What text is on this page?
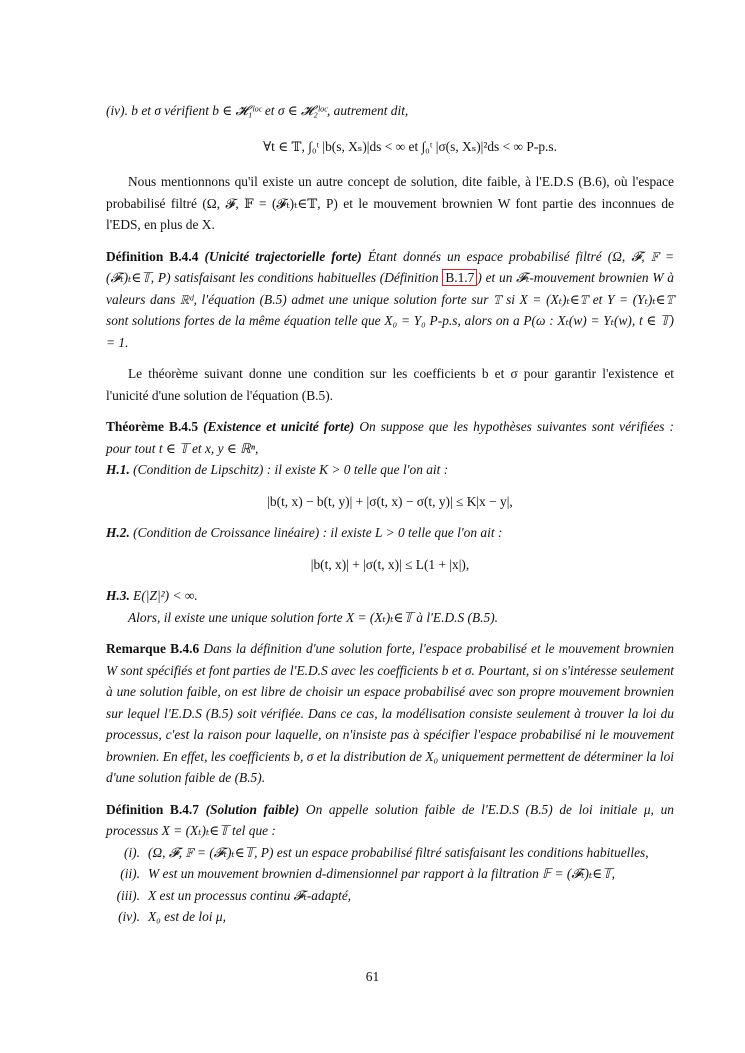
(iv). b et σ vérifient b ∈ 𝓗₁ˡᵒᶜ et σ ∈ 𝓗₂ˡᵒᶜ, autrement dit,
∀t ∈ 𝕋, ∫₀ᵗ |b(s, Xₛ)|ds < ∞ et ∫₀ᵗ |σ(s, Xₛ)|²ds < ∞ P-p.s.

Nous mentionnons qu'il existe un autre concept de solution, dite faible, à l'E.D.S (B.6), où l'espace probabilisé filtré (Ω, 𝓕, 𝔽 = (𝓕ₜ)ₜ∈𝕋, P) et le mouvement brownien W font partie des inconnues de l'EDS, en plus de X.

Définition B.4.4 (Unicité trajectorielle forte) Étant donnés un espace probabilisé filtré (Ω, 𝓕, 𝔽 = (𝓕ₜ)ₜ∈𝕋, P) satisfaisant les conditions habituelles (Définition B.1.7 ) et un 𝓕ₜ-mouvement brownien W à valeurs dans ℝᵈ, l'équation (B.5) admet une unique solution forte sur 𝕋 si X = (Xₜ)ₜ∈𝕋 et Y = (Yₜ)ₜ∈𝕋 sont solutions fortes de la même équation telle que X₀ = Y₀ P-p.s, alors on a P(ω : Xₜ(w) = Yₜ(w), t ∈ 𝕋) = 1.

Le théorème suivant donne une condition sur les coefficients b et σ pour garantir l'existence et l'unicité d'une solution de l'équation (B.5).

Théorème B.4.5 (Existence et unicité forte) On suppose que les hypothèses suivantes sont vérifiées : pour tout t ∈ 𝕋 et x, y ∈ ℝⁿ,

H.1. (Condition de Lipschitz) : il existe K > 0 telle que l'on ait :

|b(t, x) − b(t, y)| + |σ(t, x) − σ(t, y)| ≤ K|x − y|,

H.2. (Condition de Croissance linéaire) : il existe L > 0 telle que l'on ait :

|b(t, x)| + |σ(t, x)| ≤ L(1 + |x|),

H.3. E(|Z|²) < ∞.

Alors, il existe une unique solution forte X = (Xₜ)ₜ∈𝕋 à l'E.D.S (B.5).

Remarque B.4.6 Dans la définition d'une solution forte, l'espace probabilisé et le mouvement brownien W sont spécifiés et font parties de l'E.D.S avec les coefficients b et σ. Pourtant, si on s'intéresse seulement à une solution faible, on est libre de choisir un espace probabilisé avec son propre mouvement brownien sur lequel l'E.D.S (B.5) soit vérifiée. Dans ce cas, la modélisation consiste seulement à trouver la loi du processus, c'est la raison pour laquelle, on n'insiste pas à spécifier l'espace probabilisé ni le mouvement brownien. En effet, les coefficients b, σ et la distribution de X₀ uniquement permettent de déterminer la loi d'une solution faible de (B.5).

Définition B.4.7 (Solution faible) On appelle solution faible de l'E.D.S (B.5) de loi initiale μ, un processus X = (Xₜ)ₜ∈𝕋 tel que :

(i). (Ω, 𝓕, 𝔽 = (𝓕ₜ)ₜ∈𝕋, P) est un espace probabilisé filtré satisfaisant les conditions habituelles,
(ii). W est un mouvement brownien d-dimensionnel par rapport à la filtration 𝔽 = (𝓕ₜ)ₜ∈𝕋,
(iii). X est un processus continu 𝓕ₜ-adapté,
(iv). X₀ est de loi μ,
61
